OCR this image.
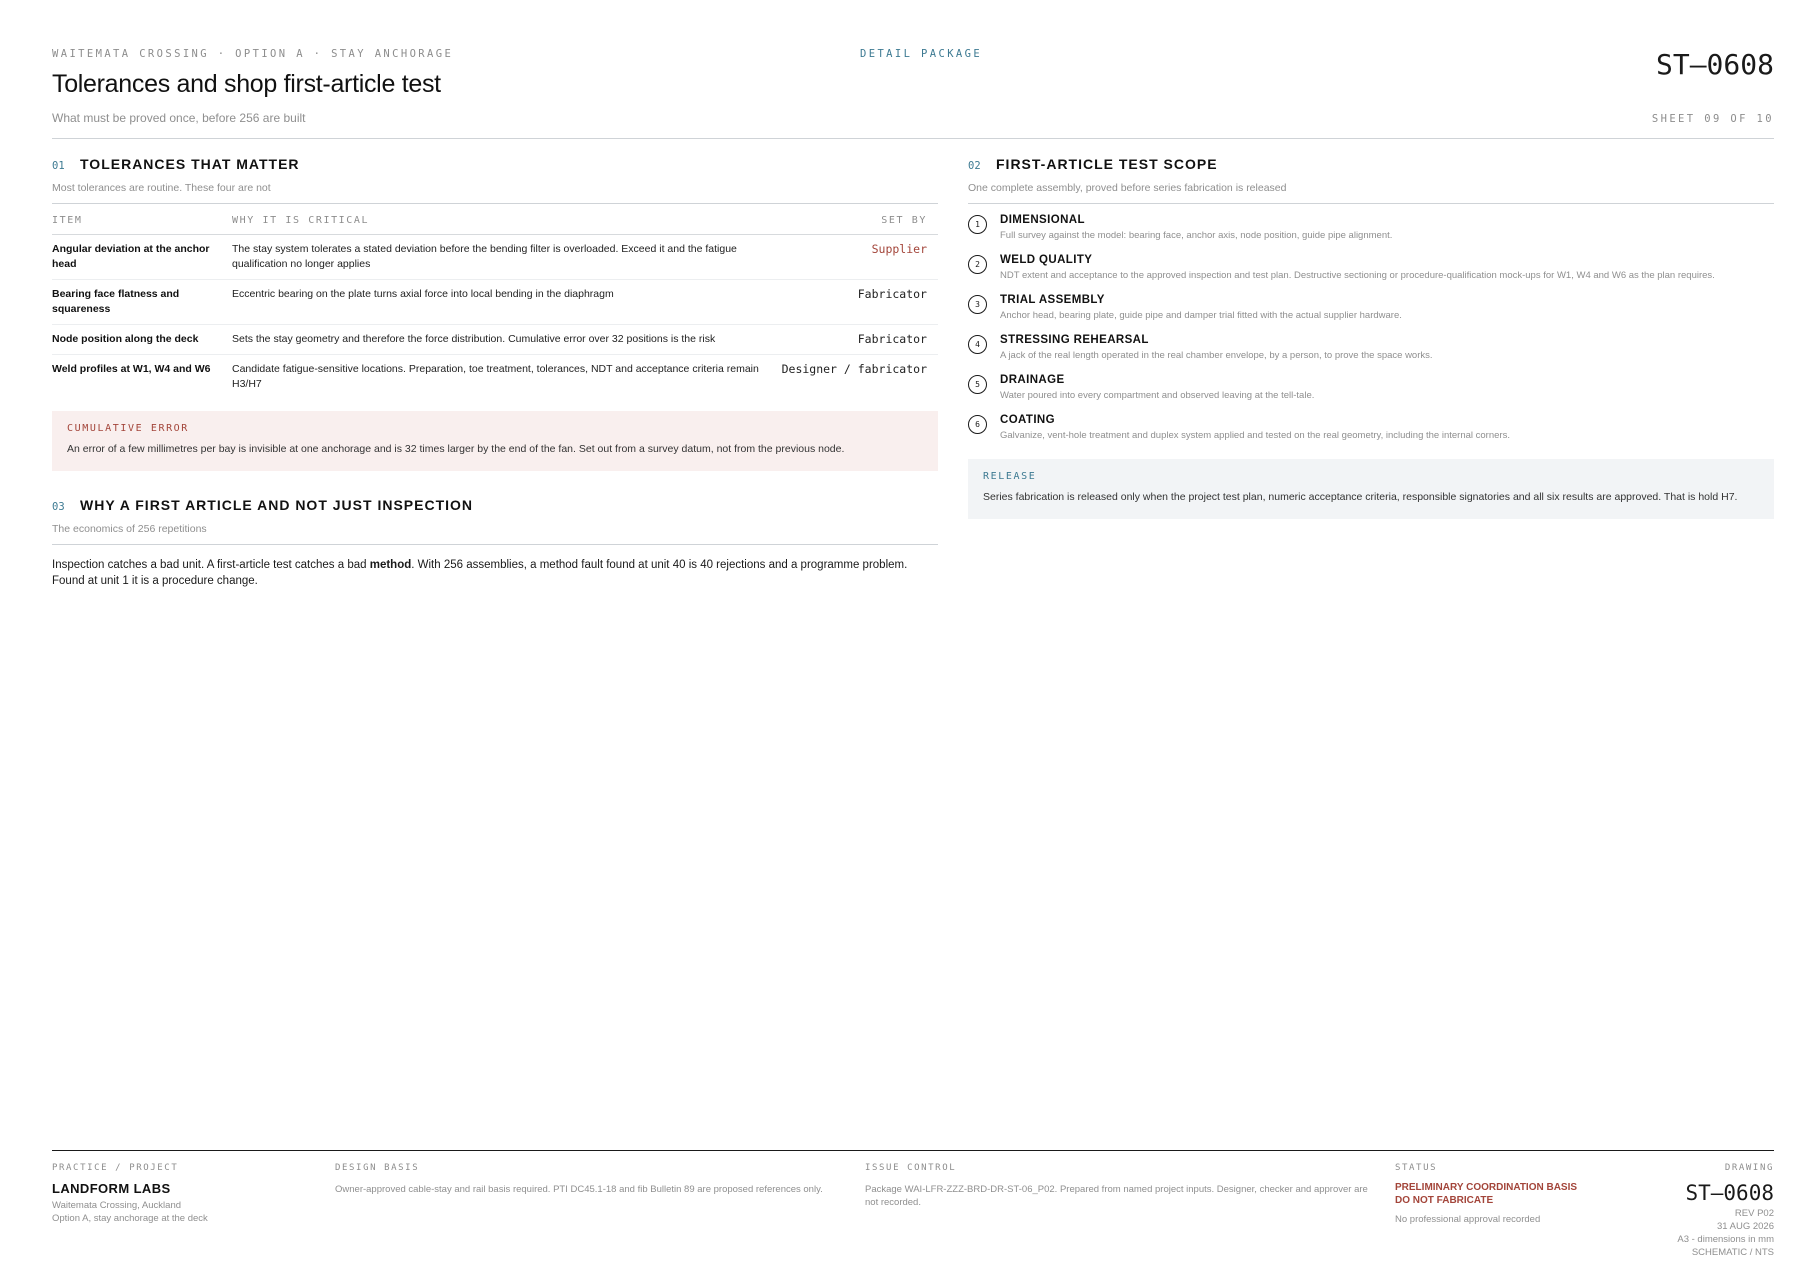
WAITEMATA CROSSING · OPTION A · STAY ANCHORAGE	DETAIL PACKAGE
Tolerances and shop first-article test
What must be proved once, before 256 are built
ST–0608
SHEET 09 OF 10
01	TOLERANCES THAT MATTER
Most tolerances are routine. These four are not
ITEM	WHY IT IS CRITICAL	SET BY
Angular deviation at the anchor head	The stay system tolerates a stated deviation before the bending filter is overloaded. Exceed it and the fatigue qualification no longer applies	Supplier
Bearing face flatness and squareness	Eccentric bearing on the plate turns axial force into local bending in the diaphragm	Fabricator
Node position along the deck	Sets the stay geometry and therefore the force distribution. Cumulative error over 32 positions is the risk	Fabricator
Weld profiles at W1, W4 and W6	Candidate fatigue-sensitive locations. Preparation, toe treatment, tolerances, NDT and acceptance criteria remain H3/H7	Designer / fabricator
CUMULATIVE ERROR
An error of a few millimetres per bay is invisible at one anchorage and is 32 times larger by the end of the fan. Set out from a survey datum, not from the previous node.
03	WHY A FIRST ARTICLE AND NOT JUST INSPECTION
The economics of 256 repetitions
Inspection catches a bad unit. A first-article test catches a bad method. With 256 assemblies, a method fault found at unit 40 is 40 rejections and a programme problem. Found at unit 1 it is a procedure change.
02	FIRST-ARTICLE TEST SCOPE
One complete assembly, proved before series fabrication is released
1	DIMENSIONAL
Full survey against the model: bearing face, anchor axis, node position, guide pipe alignment.
2	WELD QUALITY
NDT extent and acceptance to the approved inspection and test plan. Destructive sectioning or procedure-qualification mock-ups for W1, W4 and W6 as the plan requires.
3	TRIAL ASSEMBLY
Anchor head, bearing plate, guide pipe and damper trial fitted with the actual supplier hardware.
4	STRESSING REHEARSAL
A jack of the real length operated in the real chamber envelope, by a person, to prove the space works.
5	DRAINAGE
Water poured into every compartment and observed leaving at the tell-tale.
6	COATING
Galvanize, vent-hole treatment and duplex system applied and tested on the real geometry, including the internal corners.
RELEASE
Series fabrication is released only when the project test plan, numeric acceptance criteria, responsible signatories and all six results are approved. That is hold H7.
PRACTICE / PROJECT
LANDFORM LABS
Waitemata Crossing, Auckland
Option A, stay anchorage at the deck
DESIGN BASIS
Owner-approved cable-stay and rail basis required. PTI DC45.1-18 and fib Bulletin 89 are proposed references only.
ISSUE CONTROL
Package WAI-LFR-ZZZ-BRD-DR-ST-06_P02. Prepared from named project inputs. Designer, checker and approver are not recorded.
STATUS
PRELIMINARY COORDINATION BASIS
DO NOT FABRICATE
No professional approval recorded
DRAWING
ST–0608
REV P02
31 AUG 2026
A3 - dimensions in mm
SCHEMATIC / NTS
